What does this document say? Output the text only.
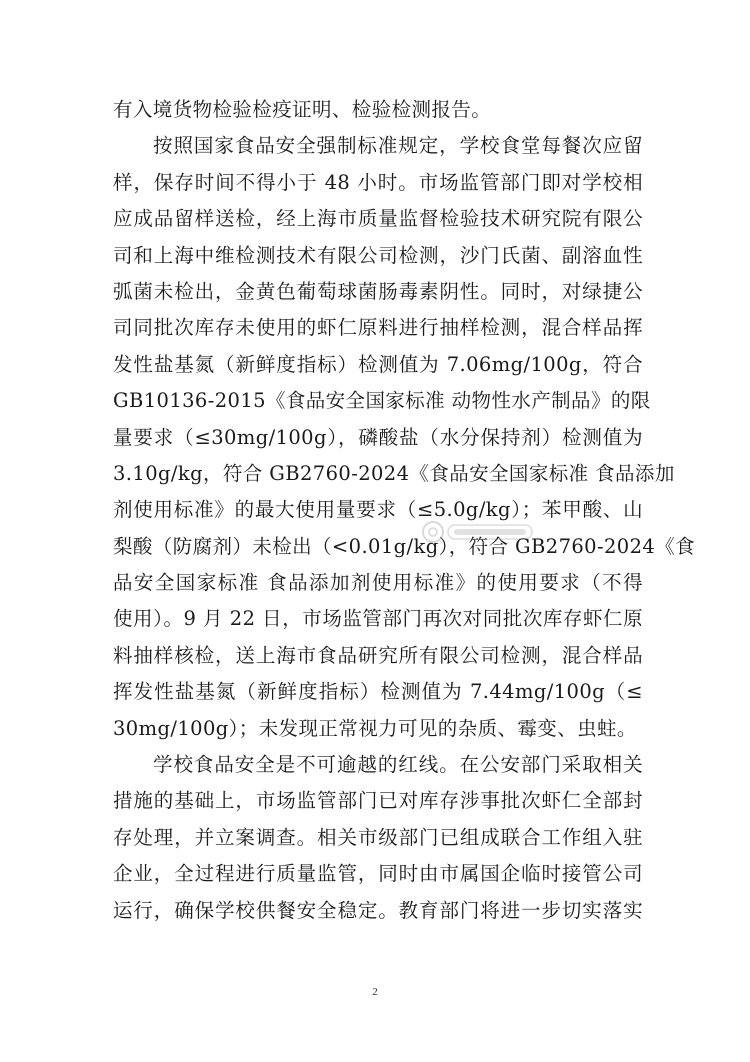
有入境货物检验检疫证明、检验检测报告。
按照国家食品安全强制标准规定，学校食堂每餐次应留
样，保存时间不得小于 48 小时。市场监管部门即对学校相
应成品留样送检，经上海市质量监督检验技术研究院有限公
司和上海中维检测技术有限公司检测，沙门氏菌、副溶血性
弧菌未检出，金黄色葡萄球菌肠毒素阴性。同时，对绿捷公
司同批次库存未使用的虾仁原料进行抽样检测，混合样品挥
发性盐基氮（新鲜度指标）检测值为 7.06mg/100g，符合
GB10136-2015《食品安全国家标准 动物性水产制品》的限
量要求（≤30mg/100g），磷酸盐（水分保持剂）检测值为
3.10g/kg，符合 GB2760-2024《食品安全国家标准 食品添加
剂使用标准》的最大使用量要求（≤5.0g/kg）；苯甲酸、山
梨酸（防腐剂）未检出（<0.01g/kg），符合 GB2760-2024《食
品安全国家标准 食品添加剂使用标准》的使用要求（不得
使用）。9 月 22 日，市场监管部门再次对同批次库存虾仁原
料抽样核检，送上海市食品研究所有限公司检测，混合样品
挥发性盐基氮（新鲜度指标）检测值为 7.44mg/100g（≤
30mg/100g）；未发现正常视力可见的杂质、霉变、虫蛀。
学校食品安全是不可逾越的红线。在公安部门采取相关
措施的基础上，市场监管部门已对库存涉事批次虾仁全部封
存处理，并立案调查。相关市级部门已组成联合工作组入驻
企业，全过程进行质量监管，同时由市属国企临时接管公司
运行，确保学校供餐安全稳定。教育部门将进一步切实落实
2
